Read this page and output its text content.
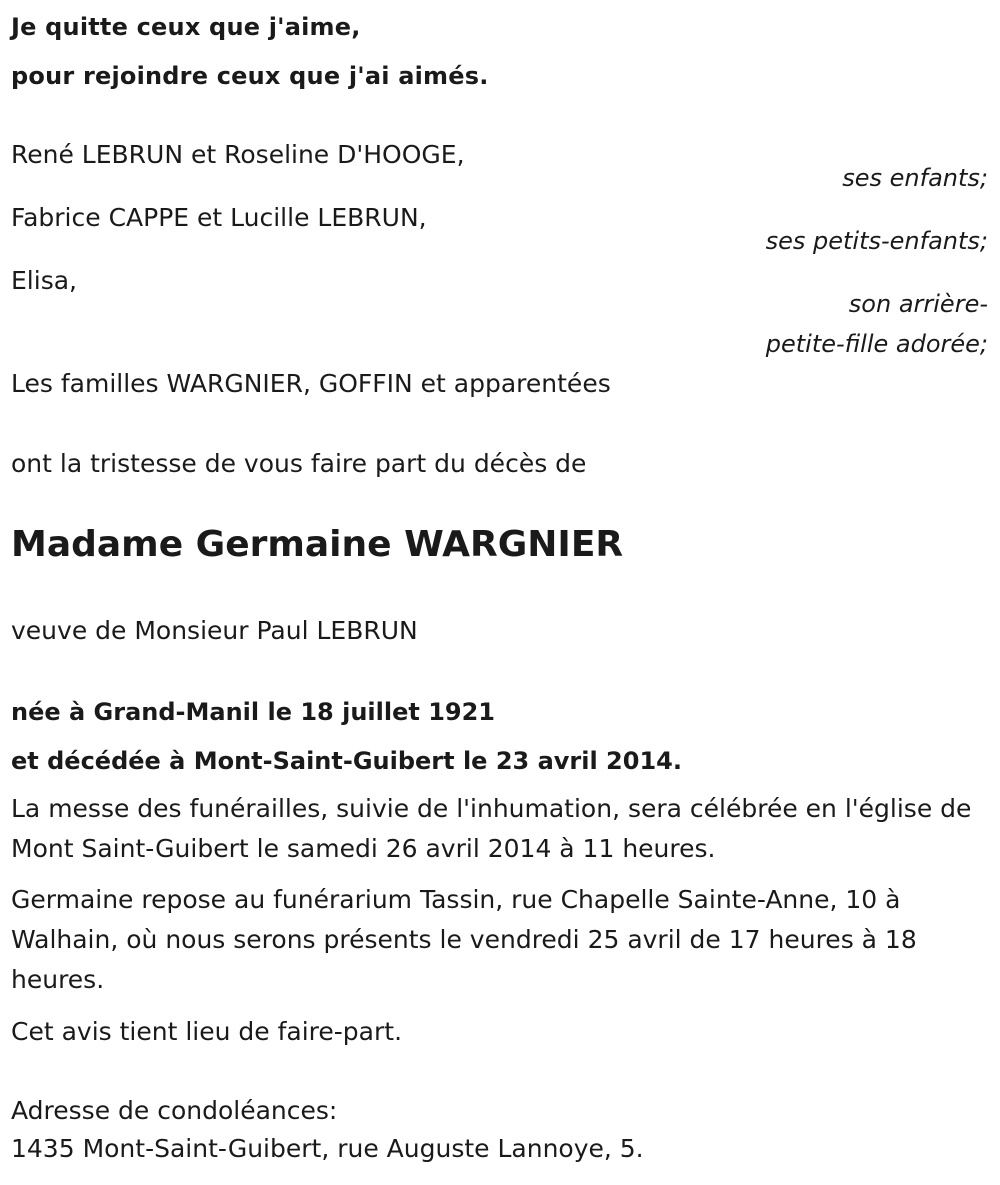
Je quitte ceux que j'aime,

pour rejoindre ceux que j'ai aimés.

René LEBRUN et Roseline D'HOOGE,

ses enfants;

Fabrice CAPPE et Lucille LEBRUN,

ses petits-enfants;

Elisa,

son arrière-

petite-fille adorée;

Les familles WARGNIER, GOFFIN et apparentées

ont la tristesse de vous faire part du décès de

Madame Germaine WARGNIER

veuve de Monsieur Paul LEBRUN

née à Grand-Manil le 18 juillet 1921

et décédée à Mont-Saint-Guibert le 23 avril 2014.

La messe des funérailles, suivie de l'inhumation, sera célébrée en l'église de Mont Saint-Guibert le samedi 26 avril 2014 à 11 heures.

Germaine repose au funérarium Tassin, rue Chapelle Sainte-Anne, 10 à Walhain, où nous serons présents le vendredi 25 avril de 17 heures à 18 heures.

Cet avis tient lieu de faire-part.

Adresse de condoléances:

1435 Mont-Saint-Guibert, rue Auguste Lannoye, 5.
